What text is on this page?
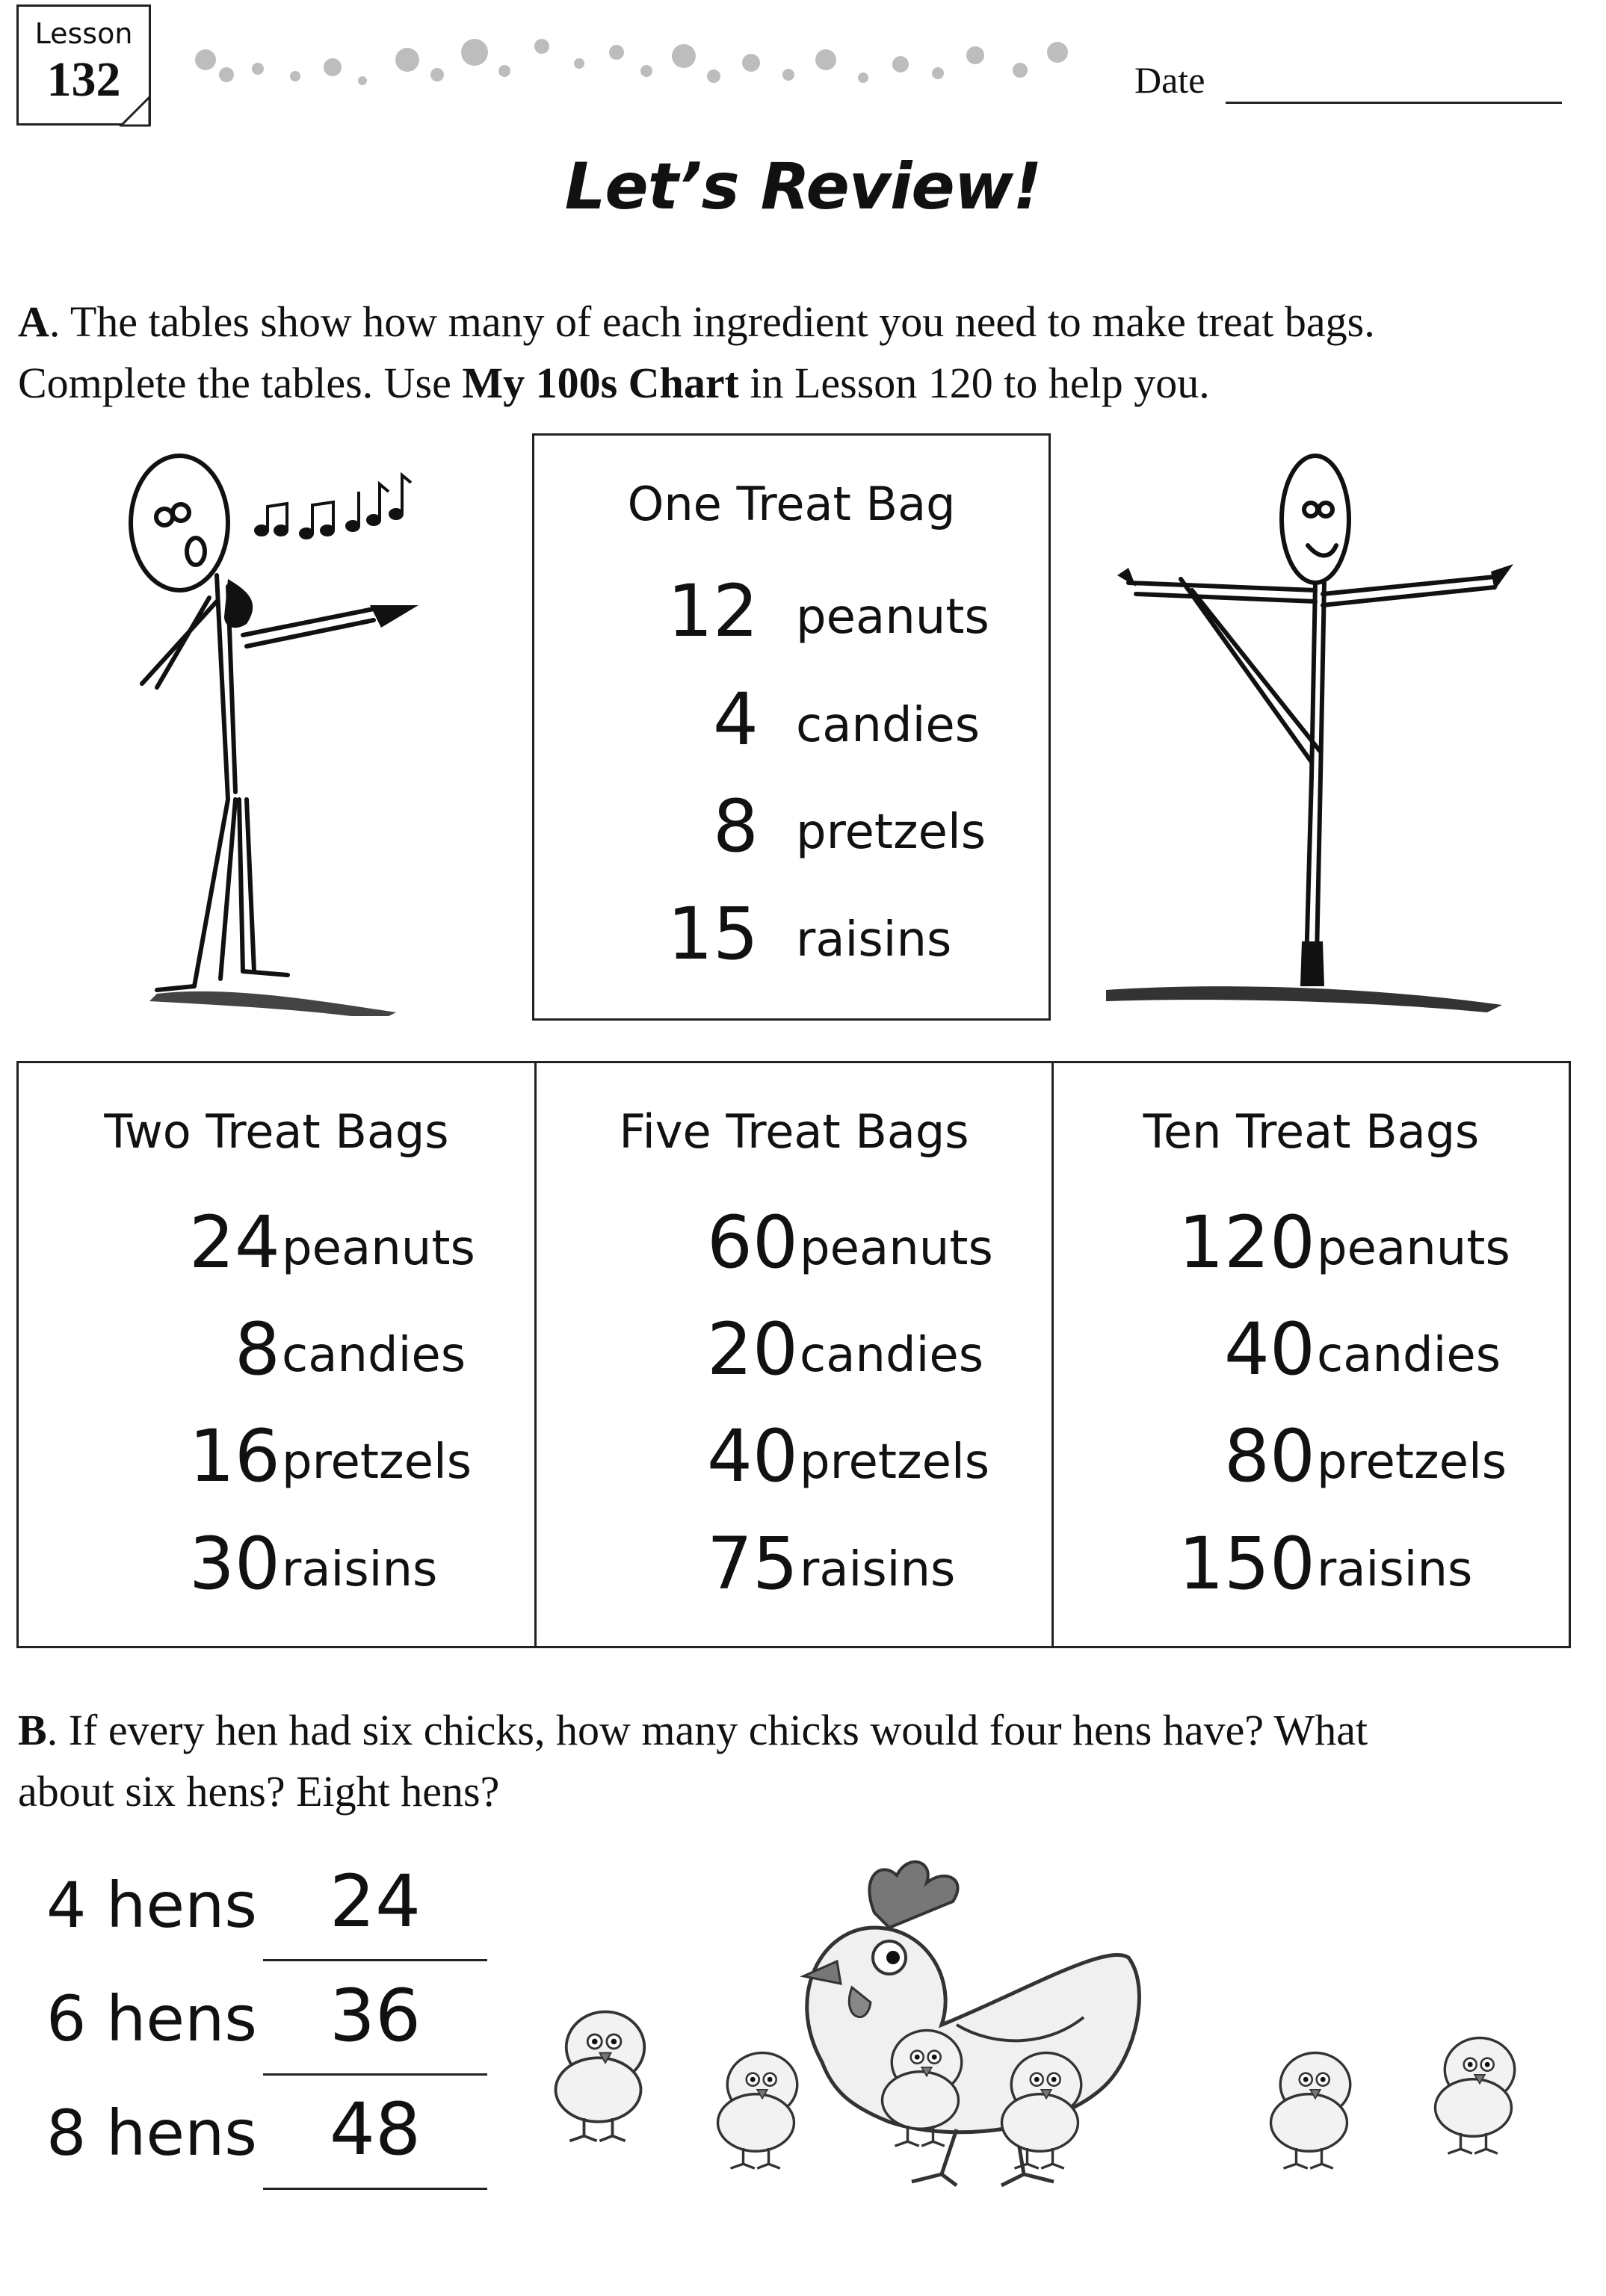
Lesson
132	Date
Let’s Review!
A. The tables show how many of each ingredient you need to make treat bags.
Complete the tables. Use My 100s Chart in Lesson 120 to help you.
One Treat Bag
12 peanuts
4 candies
8 pretzels
15 raisins
Two Treat Bags
24 peanuts
8 candies
16 pretzels
30 raisins
Five Treat Bags
60 peanuts
20 candies
40 pretzels
75 raisins
Ten Treat Bags
120 peanuts
40 candies
80 pretzels
150 raisins
B. If every hen had six chicks, how many chicks would four hens have? What
about six hens? Eight hens?
4 hens	24
6 hens	36
8 hens	48
